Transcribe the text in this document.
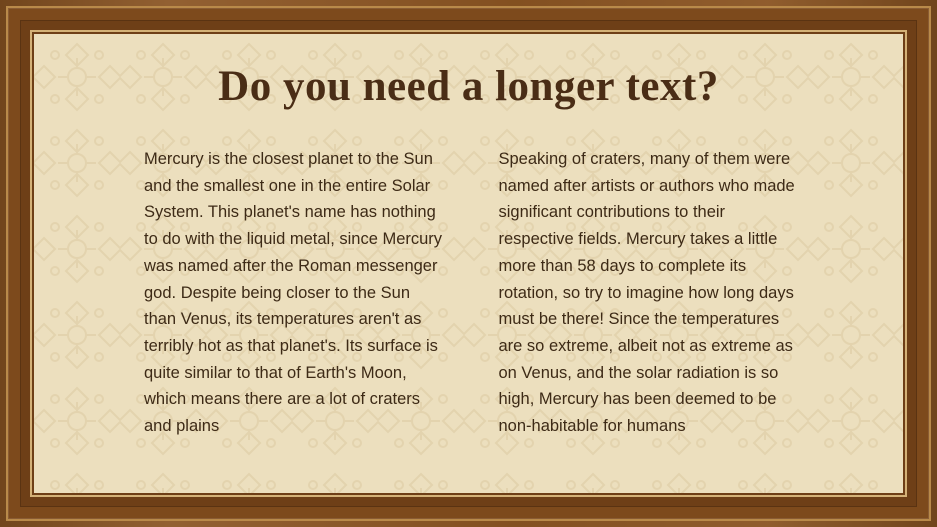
Do you need a longer text?
Mercury is the closest planet to the Sun and the smallest one in the entire Solar System. This planet's name has nothing to do with the liquid metal, since Mercury was named after the Roman messenger god. Despite being closer to the Sun than Venus, its temperatures aren't as terribly hot as that planet's. Its surface is quite similar to that of Earth's Moon, which means there are a lot of craters and plains
Speaking of craters, many of them were named after artists or authors who made significant contributions to their respective fields. Mercury takes a little more than 58 days to complete its rotation, so try to imagine how long days must be there! Since the temperatures are so extreme, albeit not as extreme as on Venus, and the solar radiation is so high, Mercury has been deemed to be non-habitable for humans
